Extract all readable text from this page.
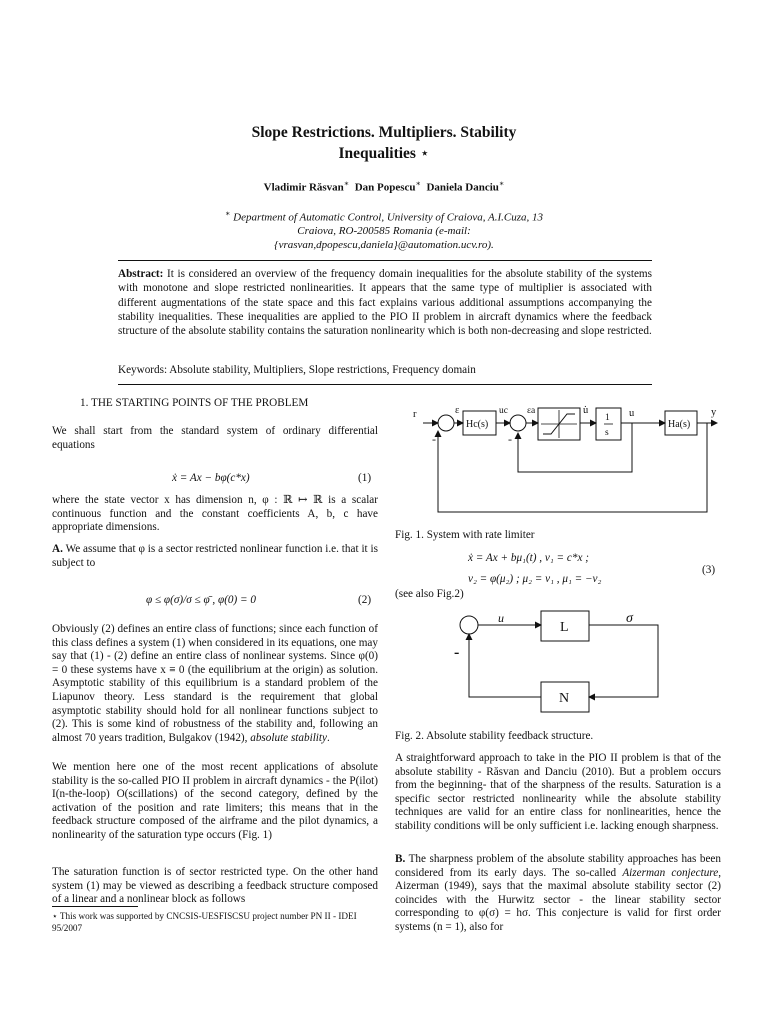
Slope Restrictions. Multipliers. Stability
Inequalities ⋆
Vladimir Răsvan∗ Dan Popescu∗ Daniela Danciu∗
∗ Department of Automatic Control, University of Craiova, A.I.Cuza, 13
Craiova, RO-200585 Romania (e-mail:
{vrasvan,dpopescu,daniela}@automation.ucv.ro).
Abstract: It is considered an overview of the frequency domain inequalities for the absolute stability of the systems with monotone and slope restricted nonlinearities. It appears that the same type of multiplier is associated with different augmentations of the state space and this fact explains various additional assumptions accompanying the stability inequalities. These inequalities are applied to the PIO II problem in aircraft dynamics where the feedback structure of the absolute stability contains the saturation nonlinearity which is both non-decreasing and slope restricted.
Keywords: Absolute stability, Multipliers, Slope restrictions, Frequency domain
1. THE STARTING POINTS OF THE PROBLEM
We shall start from the standard system of ordinary differential equations
ẋ = Ax − bφ(c*x)	(1)
where the state vector x has dimension n, φ : ℝ ↦ ℝ is a scalar continuous function and the constant coefficients A, b, c have appropriate dimensions.
A. We assume that φ is a sector restricted nonlinear function i.e. that it is subject to
φ ≤ φ(σ)/σ ≤ φ̄ , φ(0) = 0	(2)
Obviously (2) defines an entire class of functions; since each function of this class defines a system (1) when considered in its equations, one may say that (1) - (2) define an entire class of nonlinear systems. Since φ(0) = 0 these systems have x ≡ 0 (the equilibrium at the origin) as solution. Asymptotic stability of this equilibrium is a standard problem of the Liapunov theory. Less standard is the requirement that global asymptotic stability should hold for all nonlinear functions subject to (2). This is some kind of robustness of the stability and, following an almost 70 years tradition, Bulgakov (1942), absolute stability.
We mention here one of the most recent applications of absolute stability is the so-called PIO II problem in aircraft dynamics - the P(ilot) I(n-the-loop) O(scillations) of the second category, defined by the activation of the position and rate limiters; this means that in the feedback structure composed of the airframe and the pilot dynamics, a nonlinearity of the saturation type occurs (Fig. 1)
The saturation function is of sector restricted type. On the other hand system (1) may be viewed as describing a feedback structure composed of a linear and a nonlinear block as follows
⋆ This work was supported by CNCSIS-UESFISCSU project number PN II - IDEI 95/2007
r	ε
Hc(s)
uc εa	u̇
1
s
u
Ha(s)
y
-	-
Fig. 1. System with rate limiter
ẋ = Ax + bμ₁(t) , ν₁ = c*x ;
ν₂ = φ(μ₂) ; μ₂ = ν₁ , μ₁ = −ν₂
(3)
(see also Fig.2)
u	σ
L
N
-
Fig. 2. Absolute stability feedback structure.
A straightforward approach to take in the PIO II problem is that of the absolute stability - Răsvan and Danciu (2010). But a problem occurs from the beginning- that of the sharpness of the results. Saturation is a specific sector restricted nonlinearity while the absolute stability techniques are valid for an entire class for nonlinearities, hence the stability conditions will be only sufficient i.e. lacking enough sharpness.
B. The sharpness problem of the absolute stability approaches has been considered from its early days. The so-called Aizerman conjecture, Aizerman (1949), says that the maximal absolute stability sector (2) coincides with the Hurwitz sector - the linear stability sector corresponding to φ(σ) = hσ. This conjecture is valid for first order systems (n = 1), also for
